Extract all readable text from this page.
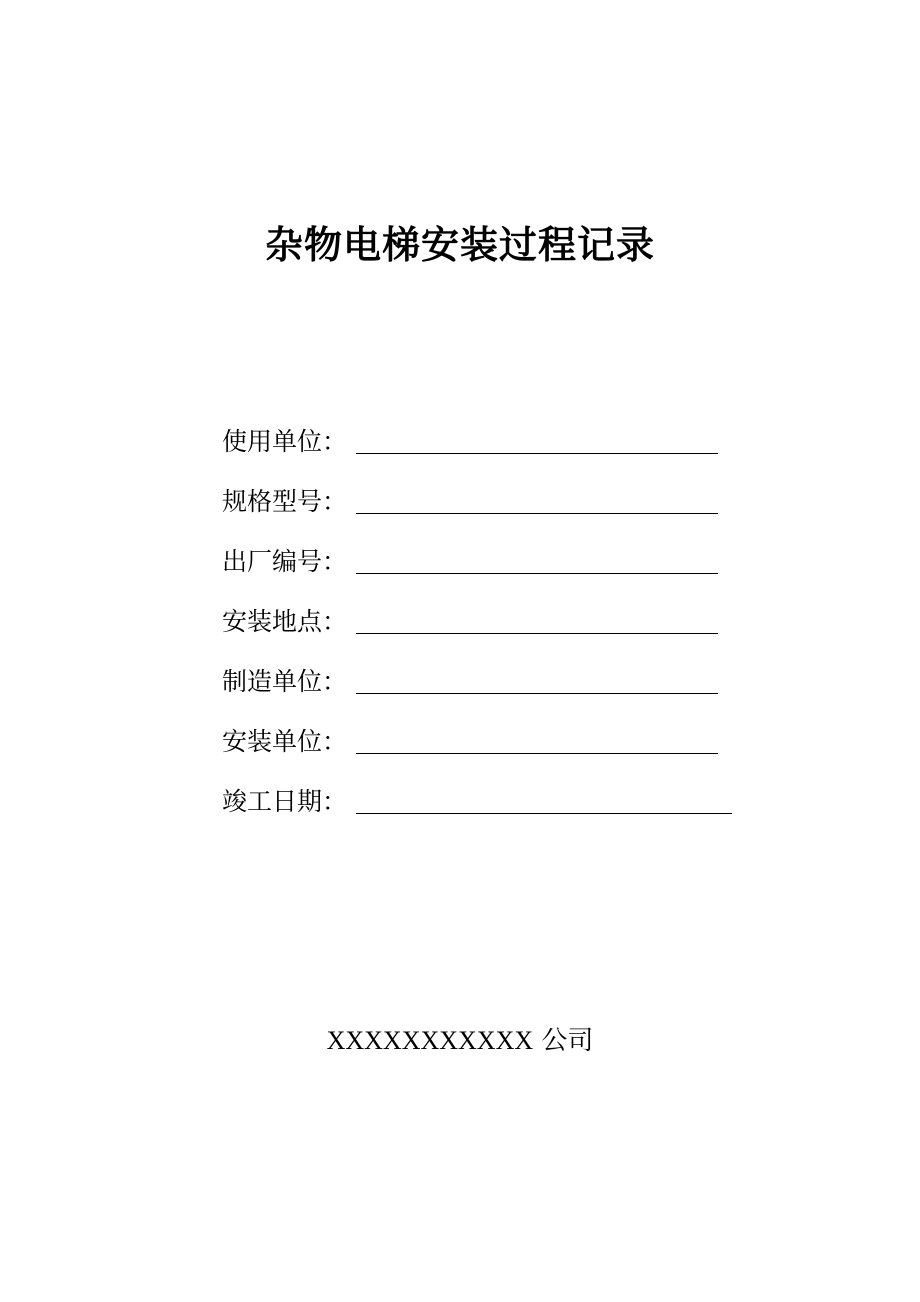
杂物电梯安装过程记录
使用单位 ：
规格型号 ：
出厂编号 ：
安装地点 ：
制造单位 ：
安装单位 ：
竣工日期 ：
XXXXXXXXXXX 公司
